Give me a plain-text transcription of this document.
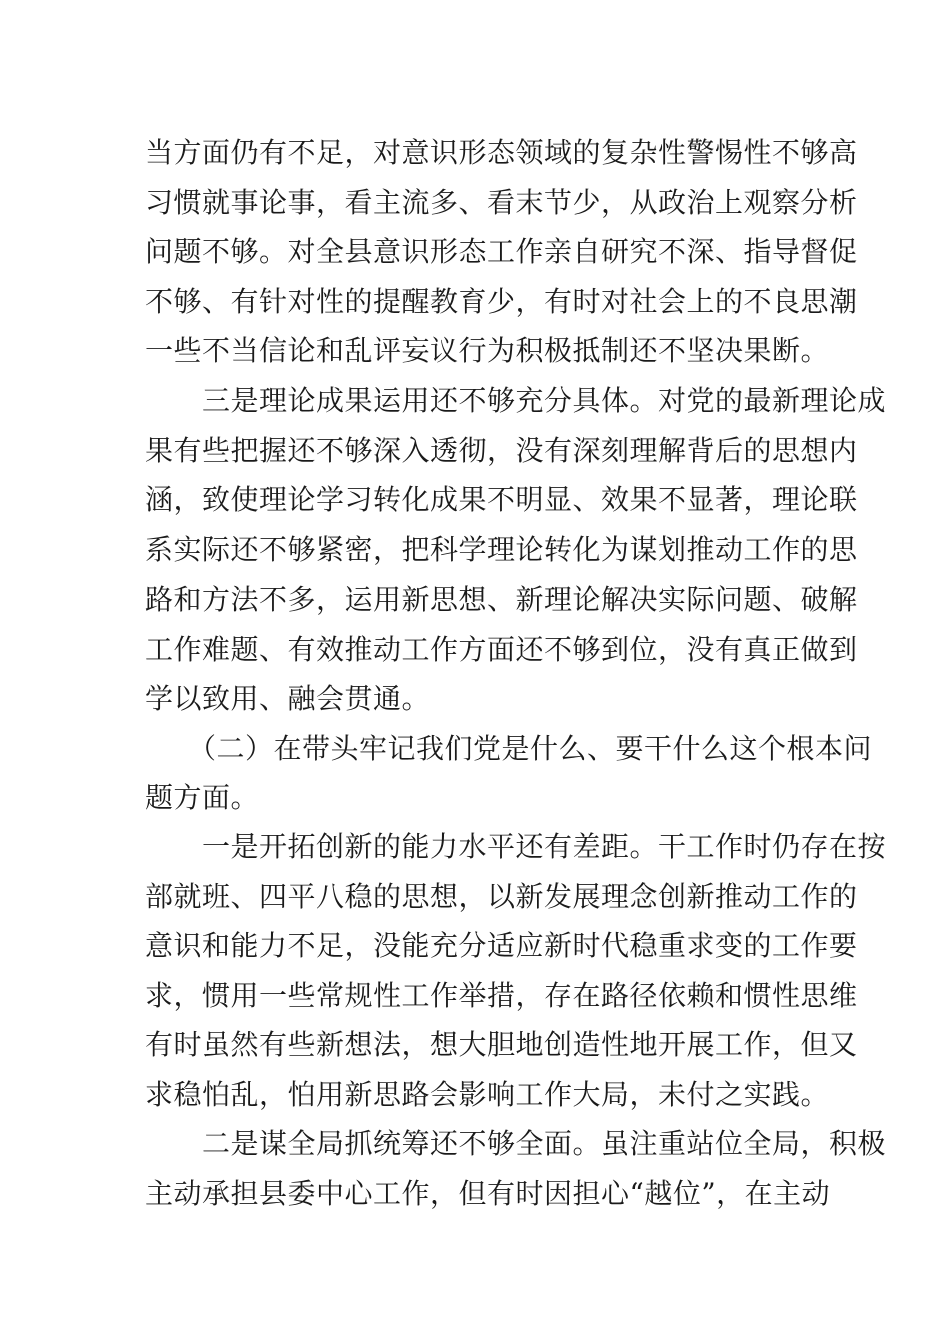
当方面仍有不足，对意识形态领域的复杂性警惕性不够高
习惯就事论事，看主流多、看末节少，从政治上观察分析
问题不够。对全县意识形态工作亲自研究不深、指导督促
不够、有针对性的提醒教育少，有时对社会上的不良思潮
一些不当信论和乱评妄议行为积极抵制还不坚决果断。
　　三是理论成果运用还不够充分具体。对党的最新理论成
果有些把握还不够深入透彻，没有深刻理解背后的思想内
涵，致使理论学习转化成果不明显、效果不显著，理论联
系实际还不够紧密，把科学理论转化为谋划推动工作的思
路和方法不多，运用新思想、新理论解决实际问题、破解
工作难题、有效推动工作方面还不够到位，没有真正做到
学以致用、融会贯通。
　　（二）在带头牢记我们党是什么、要干什么这个根本问
题方面。
　　一是开拓创新的能力水平还有差距。干工作时仍存在按
部就班、四平八稳的思想，以新发展理念创新推动工作的
意识和能力不足，没能充分适应新时代稳重求变的工作要
求，惯用一些常规性工作举措，存在路径依赖和惯性思维
有时虽然有些新想法，想大胆地创造性地开展工作，但又
求稳怕乱，怕用新思路会影响工作大局，未付之实践。
　　二是谋全局抓统筹还不够全面。虽注重站位全局，积极
主动承担县委中心工作，但有时因担心“越位”，在主动
